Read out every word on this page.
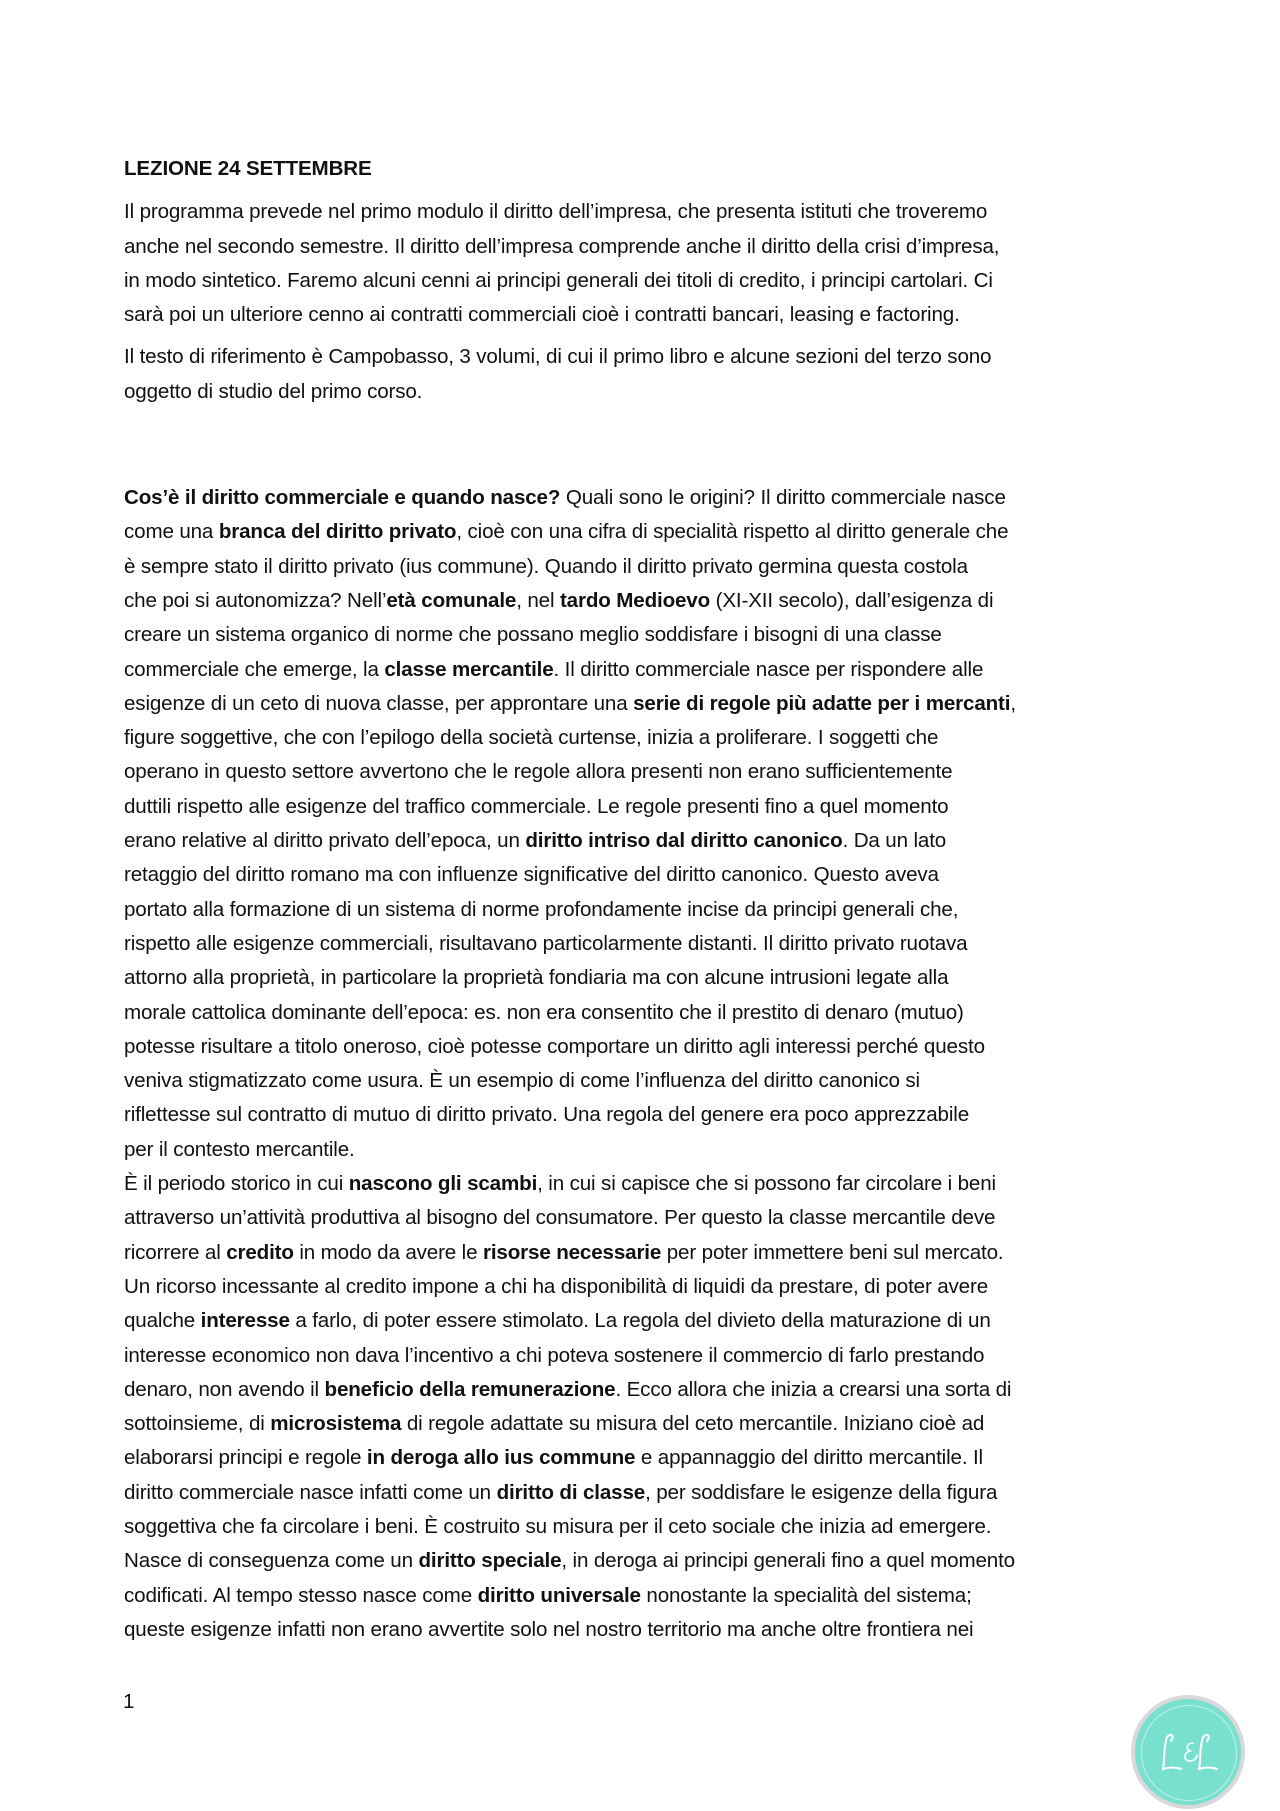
LEZIONE 24 SETTEMBRE
Il programma prevede nel primo modulo il diritto dell’impresa, che presenta istituti che troveremo
anche nel secondo semestre. Il diritto dell’impresa comprende anche il diritto della crisi d’impresa,
in modo sintetico. Faremo alcuni cenni ai principi generali dei titoli di credito, i principi cartolari. Ci
sarà poi un ulteriore cenno ai contratti commerciali cioè i contratti bancari, leasing e factoring.
Il testo di riferimento è Campobasso, 3 volumi, di cui il primo libro e alcune sezioni del terzo sono
oggetto di studio del primo corso.
Cos’è il diritto commerciale e quando nasce? Quali sono le origini? Il diritto commerciale nasce
come una branca del diritto privato, cioè con una cifra di specialità rispetto al diritto generale che
è sempre stato il diritto privato (ius commune). Quando il diritto privato germina questa costola
che poi si autonomizza? Nell’età comunale, nel tardo Medioevo (XI-XII secolo), dall’esigenza di
creare un sistema organico di norme che possano meglio soddisfare i bisogni di una classe
commerciale che emerge, la classe mercantile. Il diritto commerciale nasce per rispondere alle
esigenze di un ceto di nuova classe, per approntare una serie di regole più adatte per i mercanti,
figure soggettive, che con l’epilogo della società curtense, inizia a proliferare. I soggetti che
operano in questo settore avvertono che le regole allora presenti non erano sufficientemente
duttili rispetto alle esigenze del traffico commerciale. Le regole presenti fino a quel momento
erano relative al diritto privato dell’epoca, un diritto intriso dal diritto canonico. Da un lato
retaggio del diritto romano ma con influenze significative del diritto canonico. Questo aveva
portato alla formazione di un sistema di norme profondamente incise da principi generali che,
rispetto alle esigenze commerciali, risultavano particolarmente distanti. Il diritto privato ruotava
attorno alla proprietà, in particolare la proprietà fondiaria ma con alcune intrusioni legate alla
morale cattolica dominante dell’epoca: es. non era consentito che il prestito di denaro (mutuo)
potesse risultare a titolo oneroso, cioè potesse comportare un diritto agli interessi perché questo
veniva stigmatizzato come usura. È un esempio di come l’influenza del diritto canonico si
riflettesse sul contratto di mutuo di diritto privato. Una regola del genere era poco apprezzabile
per il contesto mercantile.
È il periodo storico in cui nascono gli scambi, in cui si capisce che si possono far circolare i beni
attraverso un’attività produttiva al bisogno del consumatore. Per questo la classe mercantile deve
ricorrere al credito in modo da avere le risorse necessarie per poter immettere beni sul mercato.
Un ricorso incessante al credito impone a chi ha disponibilità di liquidi da prestare, di poter avere
qualche interesse a farlo, di poter essere stimolato. La regola del divieto della maturazione di un
interesse economico non dava l’incentivo a chi poteva sostenere il commercio di farlo prestando
denaro, non avendo il beneficio della remunerazione. Ecco allora che inizia a crearsi una sorta di
sottoinsieme, di microsistema di regole adattate su misura del ceto mercantile. Iniziano cioè ad
elaborarsi principi e regole in deroga allo ius commune e appannaggio del diritto mercantile. Il
diritto commerciale nasce infatti come un diritto di classe, per soddisfare le esigenze della figura
soggettiva che fa circolare i beni. È costruito su misura per il ceto sociale che inizia ad emergere.
Nasce di conseguenza come un diritto speciale, in deroga ai principi generali fino a quel momento
codificati. Al tempo stesso nasce come diritto universale nonostante la specialità del sistema;
queste esigenze infatti non erano avvertite solo nel nostro territorio ma anche oltre frontiera nei
1
